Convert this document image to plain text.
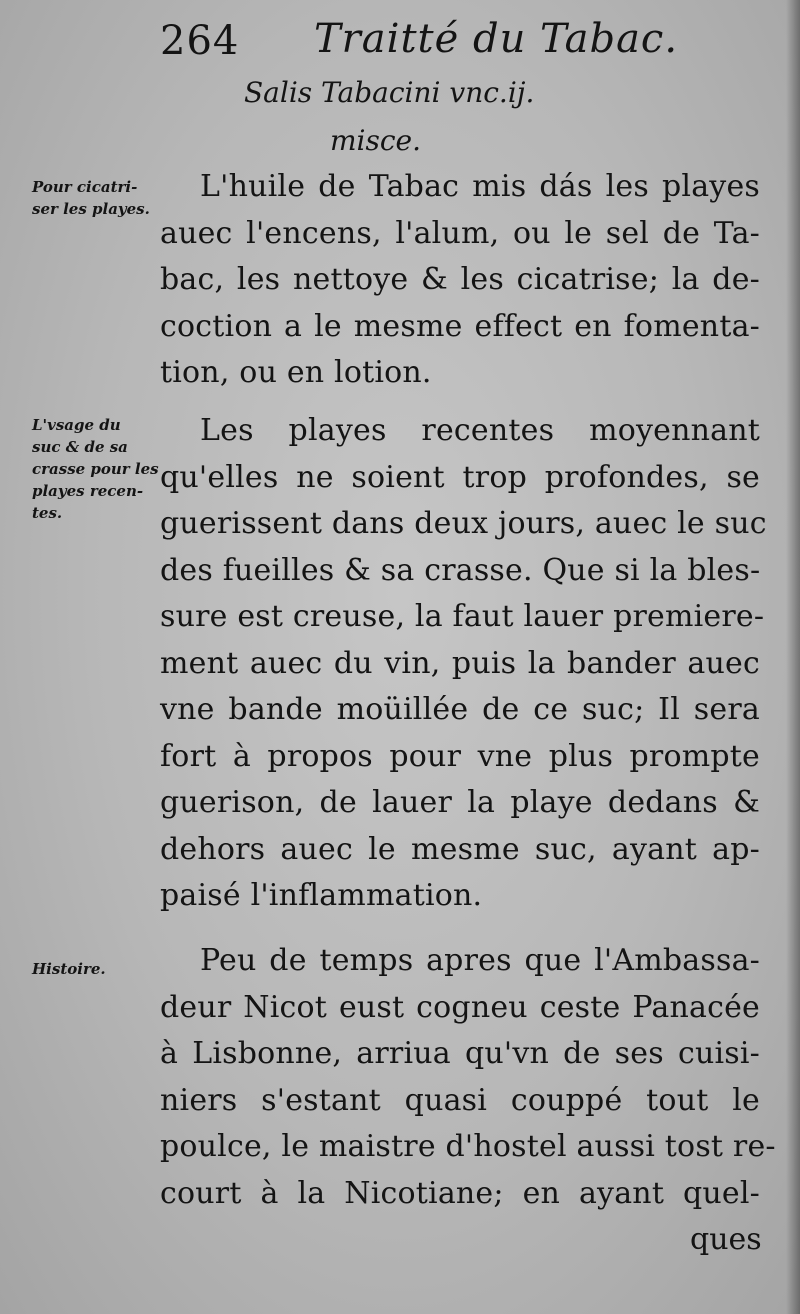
264 Traitté du Tabac.
Salis Tabacini vnc.ij.
misce.
Pour cicatri-
ser les playes.
L'vsage du
suc & de sa
crasse pour les
playes recen-
tes.
Histoire.
L'huile de Tabac mis dás les playes
auec l'encens, l'alum, ou le sel de Ta-
bac, les nettoye & les cicatrise; la de-
coction a le mesme effect en fomenta-
tion, ou en lotion.
Les playes recentes moyennant
qu'elles ne soient trop profondes, se
guerissent dans deux jours, auec le suc
des fueilles & sa crasse. Que si la bles-
sure est creuse, la faut lauer premiere-
ment auec du vin, puis la bander auec
vne bande moüillée de ce suc; Il sera
fort à propos pour vne plus prompte
guerison, de lauer la playe dedans &
dehors auec le mesme suc, ayant ap-
paisé l'inflammation.
Peu de temps apres que l'Ambassa-
deur Nicot eust cogneu ceste Panacée
à Lisbonne, arriua qu'vn de ses cuisi-
niers s'estant quasi couppé tout le
poulce, le maistre d'hostel aussi tost re-
court à la Nicotiane; en ayant quel-
ques
